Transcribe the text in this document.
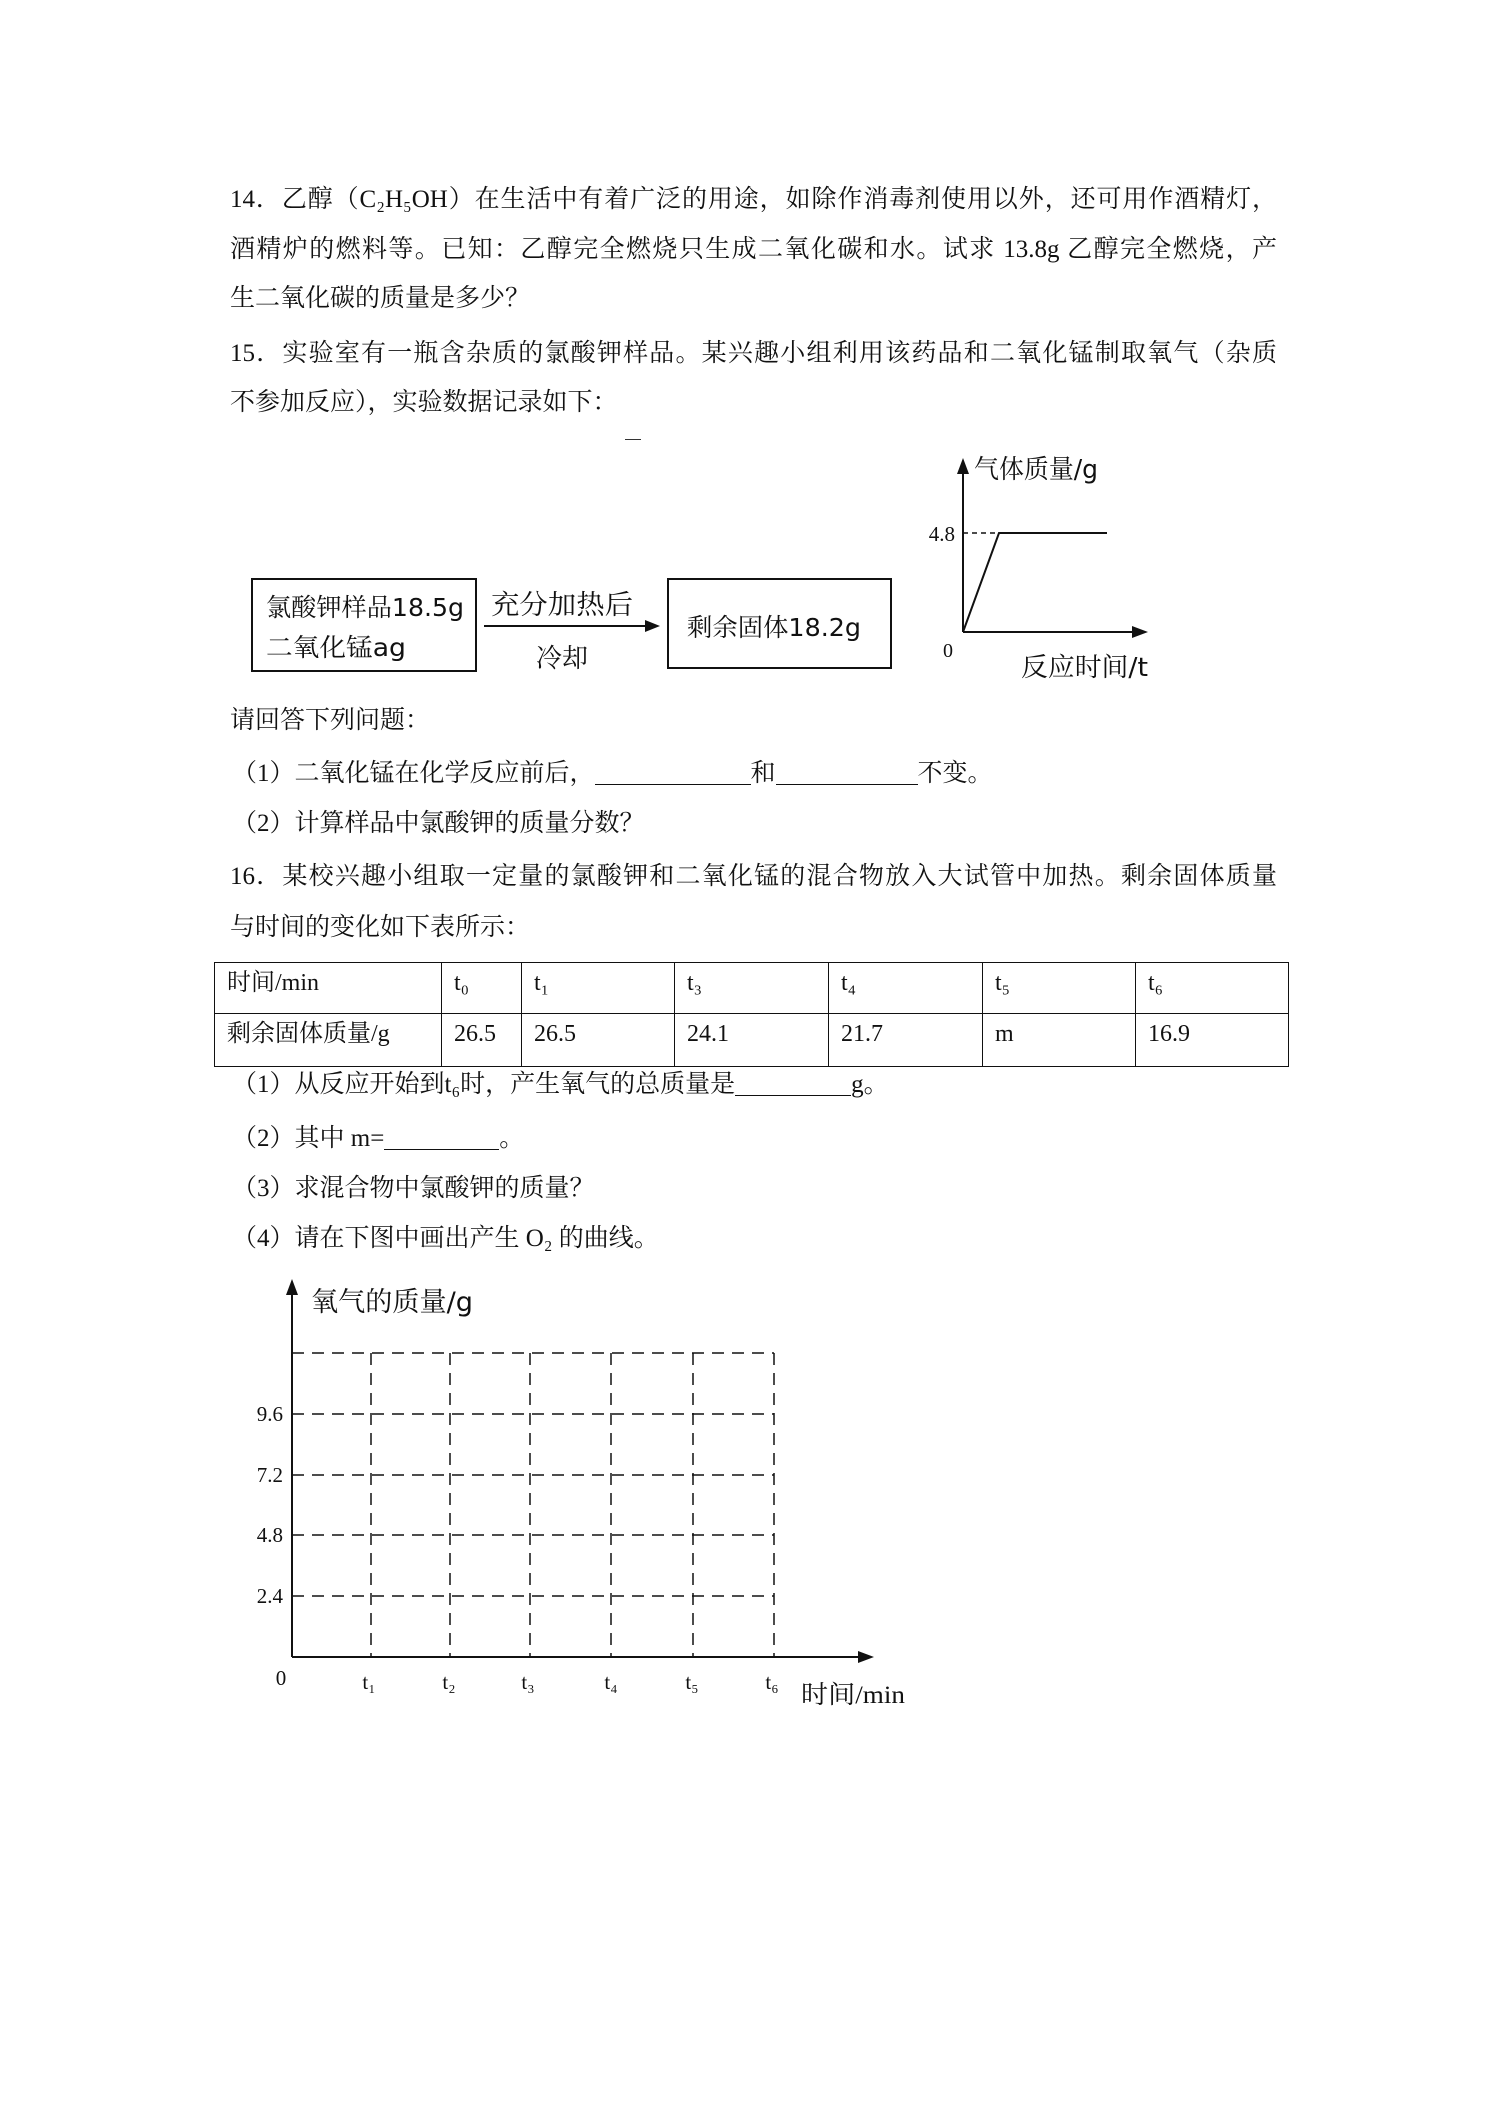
14．乙醇（C₂H₅OH）在生活中有着广泛的用途，如除作消毒剂使用以外，还可用作酒精灯，
酒精炉的燃料等。已知：乙醇完全燃烧只生成二氧化碳和水。试求 13.8g 乙醇完全燃烧，产
生二氧化碳的质量是多少？
15．实验室有一瓶含杂质的氯酸钾样品。某兴趣小组利用该药品和二氧化锰制取氧气（杂质
不参加反应），实验数据记录如下：
请回答下列问题：
（1）二氧化锰在化学反应前后，	和	不变。
（2）计算样品中氯酸钾的质量分数？
16．某校兴趣小组取一定量的氯酸钾和二氧化锰的混合物放入大试管中加热。剩余固体质量
与时间的变化如下表所示：
时间/min	t₀	t₁	t₃	t₄	t₅	t₆
剩余固体质量/g	26.5	26.5	24.1	21.7	m	16.9
（1）从反应开始到t₆时，产生氧气的总质量是	g。
（2）其中 m=	。
（3）求混合物中氯酸钾的质量？
（4）请在下图中画出产生 O₂ 的曲线。
氯酸钾样品18.5g
二氧化锰ag
充分加热后
冷却
剩余固体18.2g
气体质量/g
4.8
0
反应时间/t
氧气的质量/g
9.6
7.2
4.8
2.4
0	t₁	t₂	t₃	t₄	t₅	t₆ 时间/min
